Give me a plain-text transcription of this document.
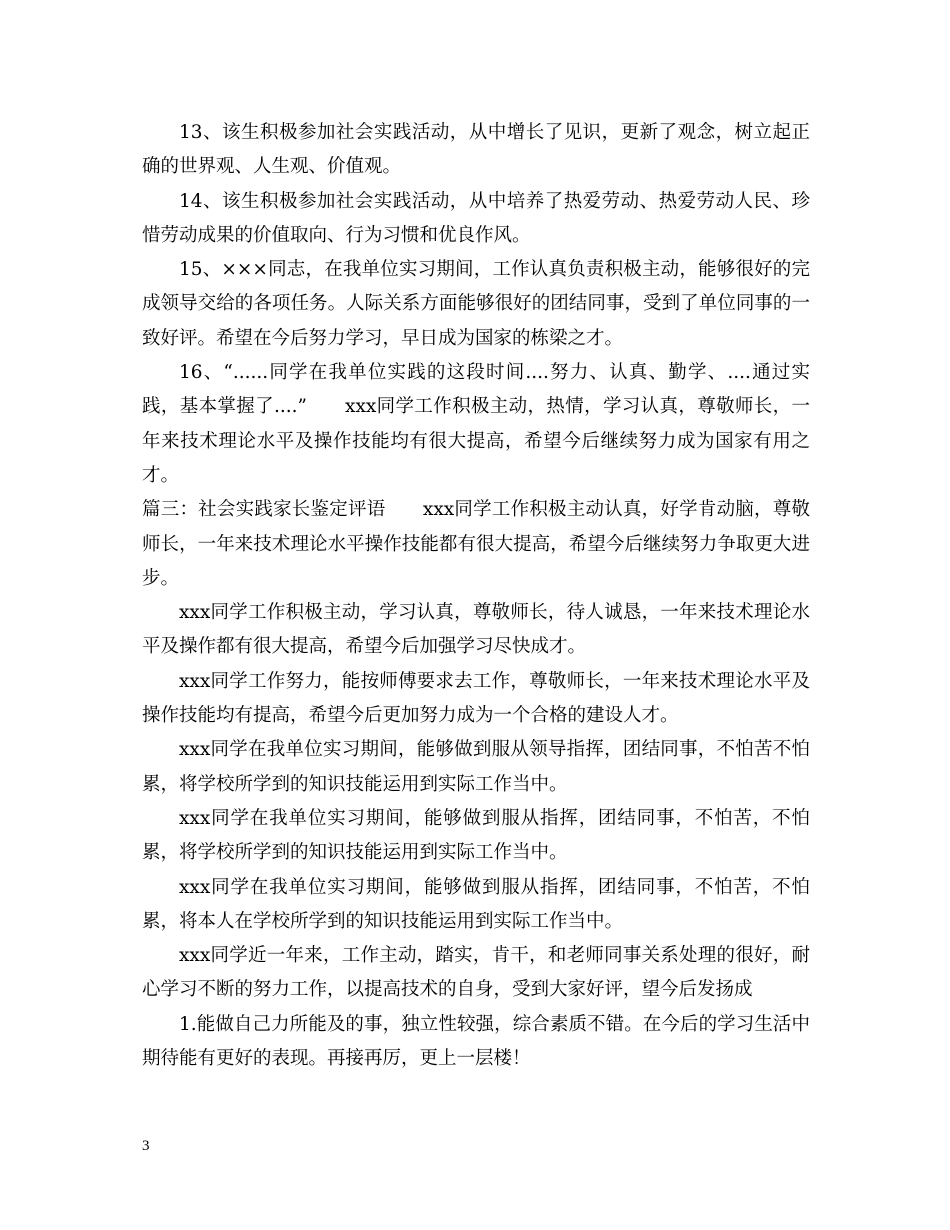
13、该生积极参加社会实践活动，从中增长了见识，更新了观念，树立起正确的世界观、人生观、价值观。

14、该生积极参加社会实践活动，从中培养了热爱劳动、热爱劳动人民、珍惜劳动成果的价值取向、行为习惯和优良作风。

15、×××同志，在我单位实习期间，工作认真负责积极主动，能够很好的完成领导交给的各项任务。人际关系方面能够很好的团结同事，受到了单位同事的一致好评。希望在今后努力学习，早日成为国家的栋梁之才。

16、“......同学在我单位实践的这段时间....努力、认真、勤学、....通过实践，基本掌握了....”　　xxx同学工作积极主动，热情，学习认真，尊敬师长，一年来技术理论水平及操作技能均有很大提高，希望今后继续努力成为国家有用之才。

篇三：社会实践家长鉴定评语　　xxx同学工作积极主动认真，好学肯动脑，尊敬师长，一年来技术理论水平操作技能都有很大提高，希望今后继续努力争取更大进步。

xxx同学工作积极主动，学习认真，尊敬师长，待人诚恳，一年来技术理论水平及操作都有很大提高，希望今后加强学习尽快成才。

xxx同学工作努力，能按师傅要求去工作，尊敬师长，一年来技术理论水平及操作技能均有提高，希望今后更加努力成为一个合格的建设人才。

xxx同学在我单位实习期间，能够做到服从领导指挥，团结同事，不怕苦不怕累，将学校所学到的知识技能运用到实际工作当中。

xxx同学在我单位实习期间，能够做到服从指挥，团结同事，不怕苦，不怕累，将学校所学到的知识技能运用到实际工作当中。

xxx同学在我单位实习期间，能够做到服从指挥，团结同事，不怕苦，不怕累，将本人在学校所学到的知识技能运用到实际工作当中。

xxx同学近一年来，工作主动，踏实，肯干，和老师同事关系处理的很好，耐心学习不断的努力工作，以提高技术的自身，受到大家好评，望今后发扬成

1.能做自己力所能及的事，独立性较强，综合素质不错。在今后的学习生活中期待能有更好的表现。再接再厉，更上一层楼！

3
